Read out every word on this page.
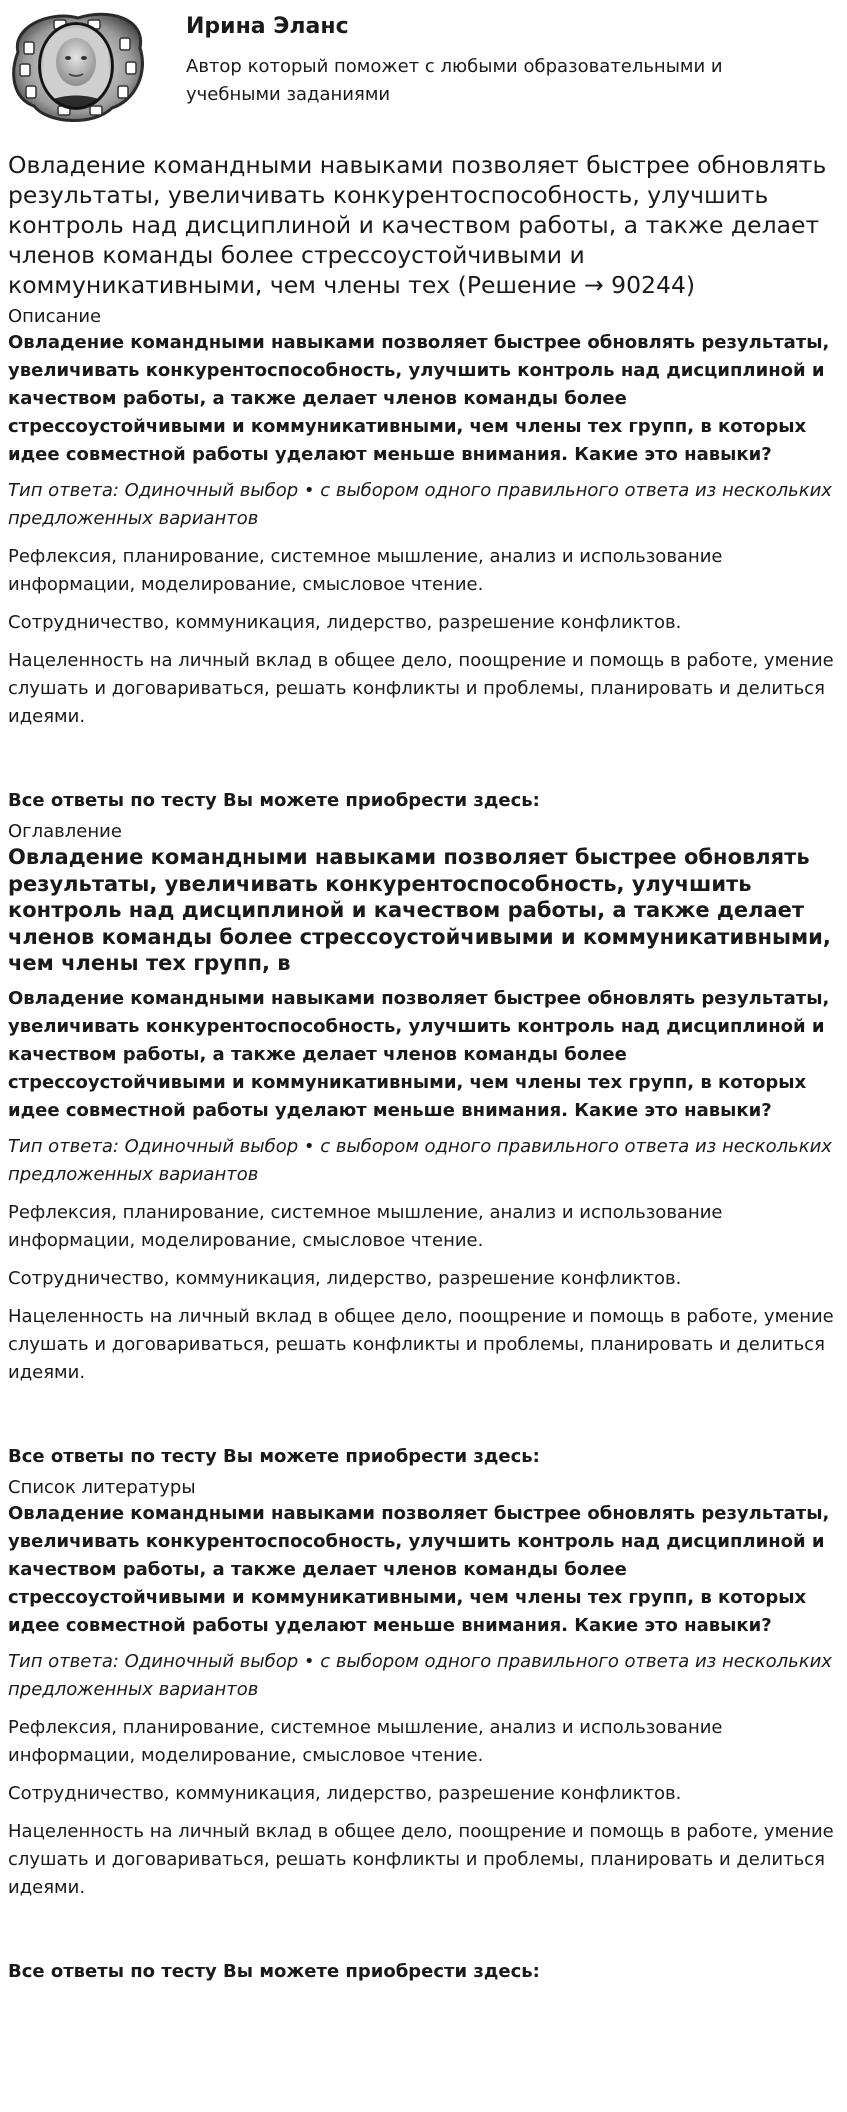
Ирина Эланс

Автор который поможет с любыми образовательными и учебными заданиями

Овладение командными навыками позволяет быстрее обновлять результаты, увеличивать конкурентоспособность, улучшить контроль над дисциплиной и качеством работы, а также делает членов команды более стрессоустойчивыми и коммуникативными, чем члены тех (Решение → 90244)

Описание

Овладение командными навыками позволяет быстрее обновлять результаты, увеличивать конкурентоспособность, улучшить контроль над дисциплиной и качеством работы, а также делает членов команды более стрессоустойчивыми и коммуникативными, чем члены тех групп, в которых идее совместной работы уделают меньше внимания. Какие это навыки?

Тип ответа: Одиночный выбор • с выбором одного правильного ответа из нескольких предложенных вариантов

Рефлексия, планирование, системное мышление, анализ и использование информации, моделирование, смысловое чтение.

Сотрудничество, коммуникация, лидерство, разрешение конфликтов.

Нацеленность на личный вклад в общее дело, поощрение и помощь в работе, умение слушать и договариваться, решать конфликты и проблемы, планировать и делиться идеями.

Все ответы по тесту Вы можете приобрести здесь:

Оглавление

Овладение командными навыками позволяет быстрее обновлять результаты, увеличивать конкурентоспособность, улучшить контроль над дисциплиной и качеством работы, а также делает членов команды более стрессоустойчивыми и коммуникативными, чем члены тех групп, в

Овладение командными навыками позволяет быстрее обновлять результаты, увеличивать конкурентоспособность, улучшить контроль над дисциплиной и качеством работы, а также делает членов команды более стрессоустойчивыми и коммуникативными, чем члены тех групп, в которых идее совместной работы уделают меньше внимания. Какие это навыки?

Тип ответа: Одиночный выбор • с выбором одного правильного ответа из нескольких предложенных вариантов

Рефлексия, планирование, системное мышление, анализ и использование информации, моделирование, смысловое чтение.

Сотрудничество, коммуникация, лидерство, разрешение конфликтов.

Нацеленность на личный вклад в общее дело, поощрение и помощь в работе, умение слушать и договариваться, решать конфликты и проблемы, планировать и делиться идеями.

Все ответы по тесту Вы можете приобрести здесь:

Список литературы

Овладение командными навыками позволяет быстрее обновлять результаты, увеличивать конкурентоспособность, улучшить контроль над дисциплиной и качеством работы, а также делает членов команды более стрессоустойчивыми и коммуникативными, чем члены тех групп, в которых идее совместной работы уделают меньше внимания. Какие это навыки?

Тип ответа: Одиночный выбор • с выбором одного правильного ответа из нескольких предложенных вариантов

Рефлексия, планирование, системное мышление, анализ и использование информации, моделирование, смысловое чтение.

Сотрудничество, коммуникация, лидерство, разрешение конфликтов.

Нацеленность на личный вклад в общее дело, поощрение и помощь в работе, умение слушать и договариваться, решать конфликты и проблемы, планировать и делиться идеями.

Все ответы по тесту Вы можете приобрести здесь:
